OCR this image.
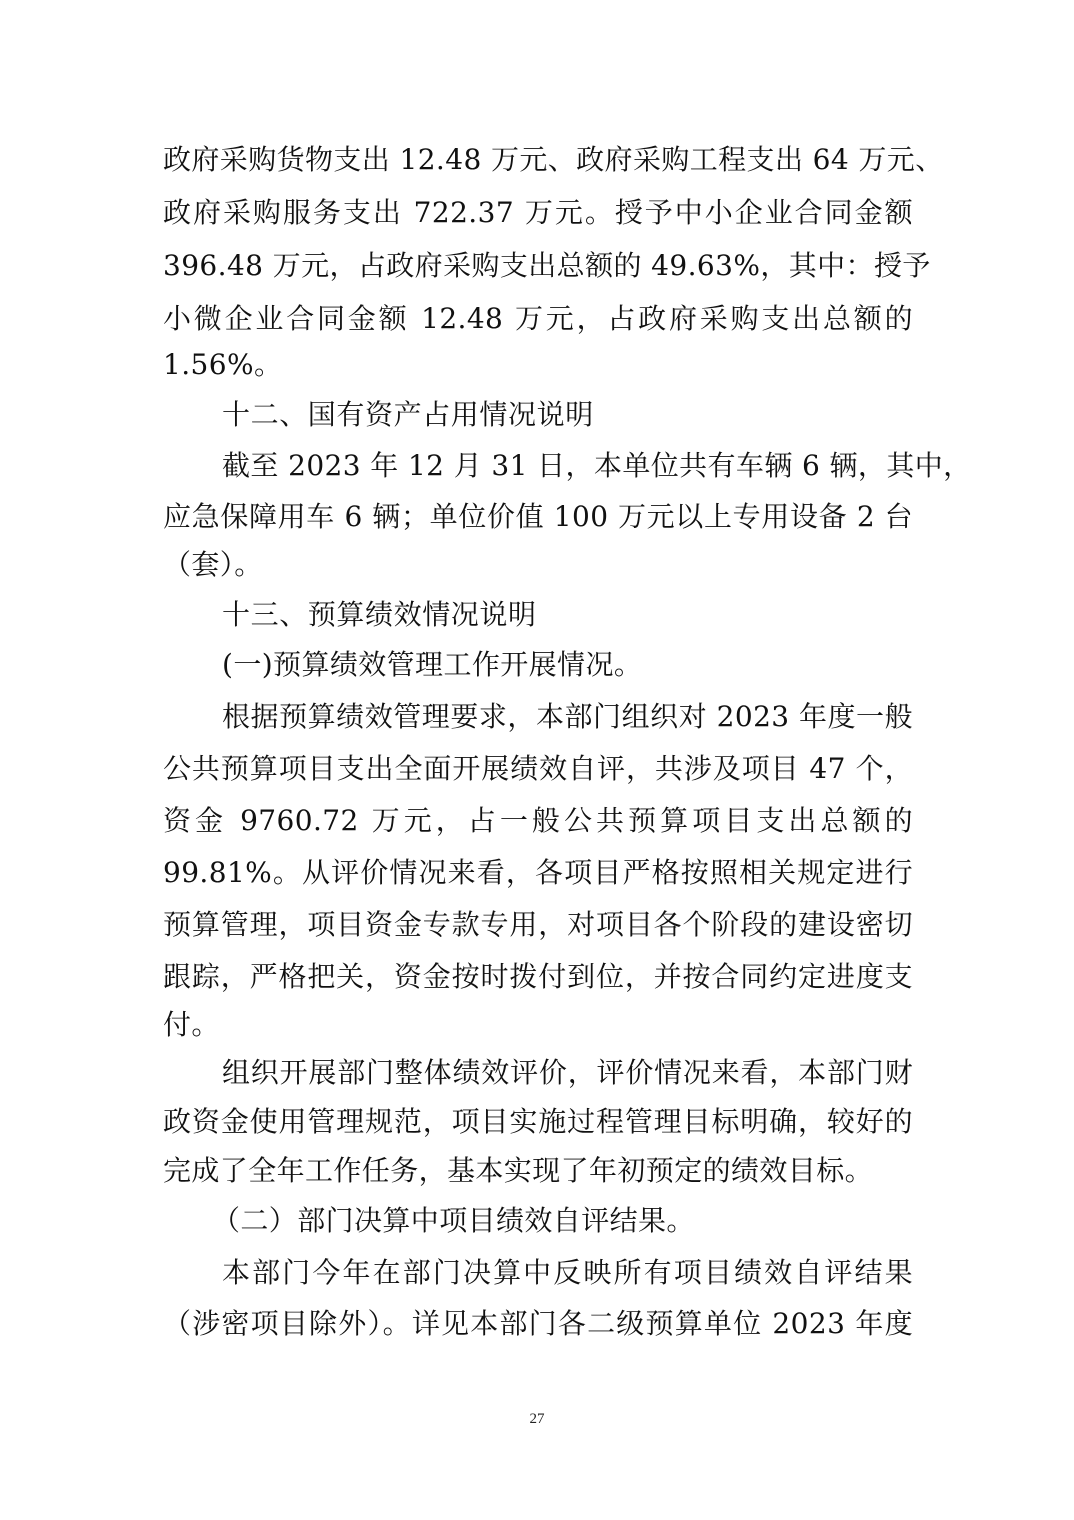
政府采购货物支出 12.48 万元、政府采购工程支出 64 万元、
政府采购服务支出 722.37 万元。授予中小企业合同金额
396.48 万元，占政府采购支出总额的 49.63%，其中：授予
小微企业合同金额 12.48 万元，占政府采购支出总额的
1.56%。
十二、国有资产占用情况说明
截至 2023 年 12 月 31 日，本单位共有车辆 6 辆，其中，
应急保障用车 6 辆；单位价值 100 万元以上专用设备 2 台
（套）。
十三、预算绩效情况说明
(一)预算绩效管理工作开展情况。
根据预算绩效管理要求，本部门组织对 2023 年度一般
公共预算项目支出全面开展绩效自评，共涉及项目 47 个，
资金 9760.72 万元，占一般公共预算项目支出总额的
99.81%。从评价情况来看，各项目严格按照相关规定进行
预算管理，项目资金专款专用，对项目各个阶段的建设密切
跟踪，严格把关，资金按时拨付到位，并按合同约定进度支
付。
组织开展部门整体绩效评价，评价情况来看，本部门财
政资金使用管理规范，项目实施过程管理目标明确，较好的
完成了全年工作任务，基本实现了年初预定的绩效目标。
（二）部门决算中项目绩效自评结果。
本部门今年在部门决算中反映所有项目绩效自评结果
（涉密项目除外）。详见本部门各二级预算单位 2023 年度
27
